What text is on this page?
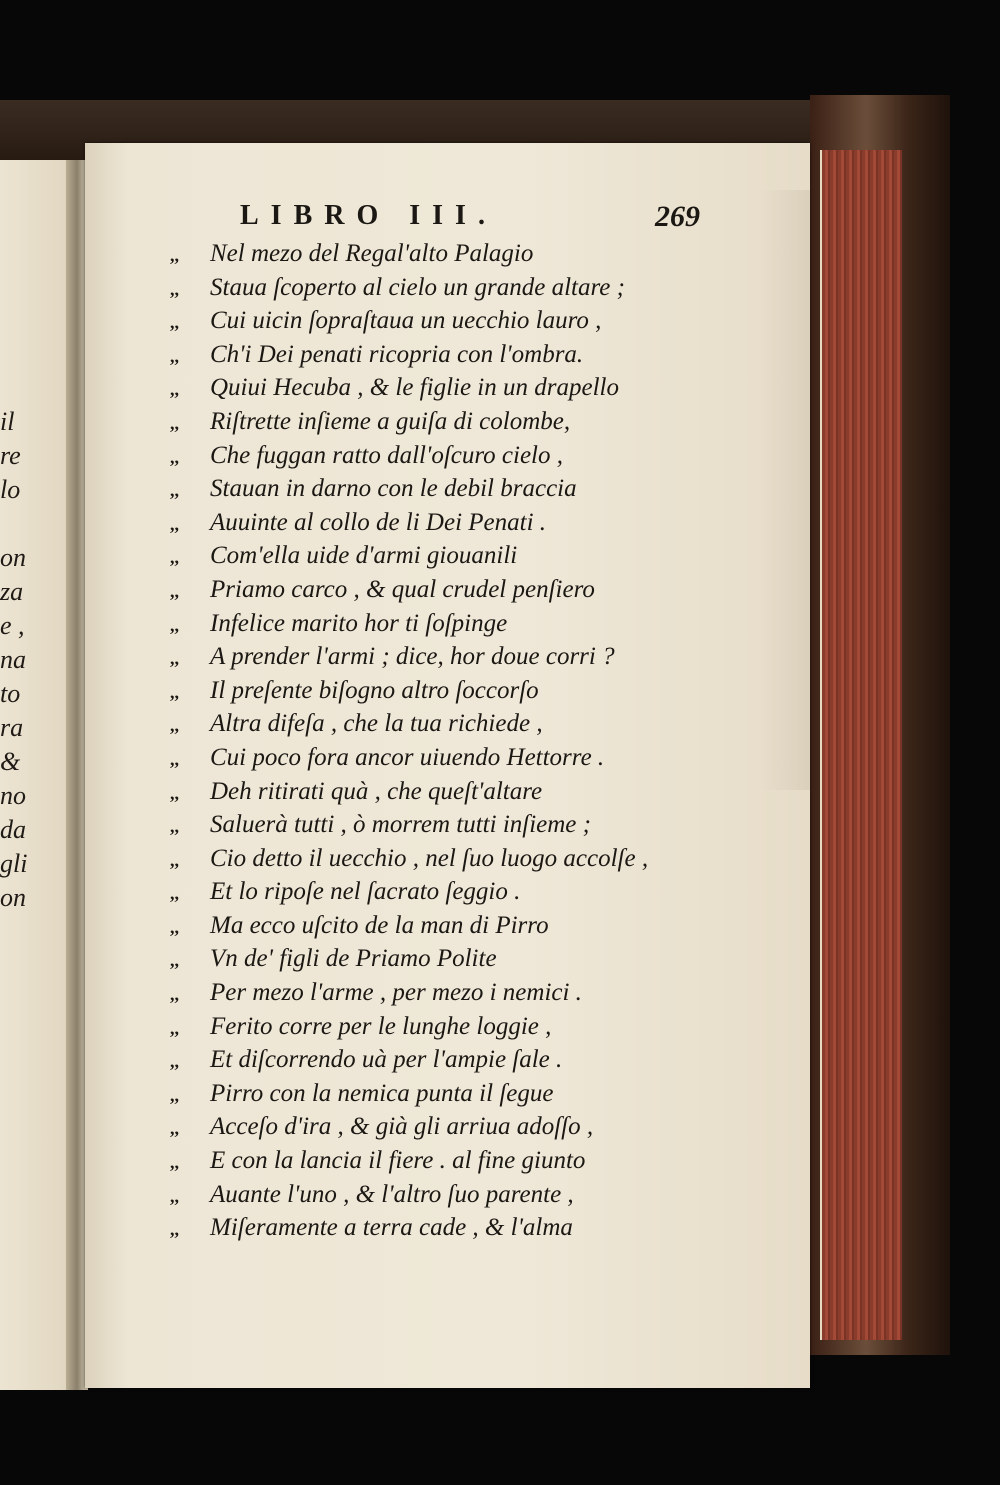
il
re
lo
on
za
e ,
na
to
ra
&
no
da
gli
on
LIBRO III.	269
,, Nel mezo del Regal'alto Palagio
,, Staua ſcoperto al cielo un grande altare ;
,, Cui uicin ſopraſtaua un uecchio lauro ,
,, Ch'i Dei penati ricopria con l'ombra.
,, Quiui Hecuba , & le figlie in un drapello
,, Riſtrette inſieme a guiſa di colombe,
,, Che fuggan ratto dall'oſcuro cielo ,
,, Stauan in darno con le debil braccia
,, Auuinte al collo de li Dei Penati .
,, Com'ella uide d'armi giouanili
,, Priamo carco , & qual crudel penſiero
,, Infelice marito hor ti ſoſpinge
,, A prender l'armi ; dice, hor doue corri ?
,, Il preſente biſogno altro ſoccorſo
,, Altra difeſa , che la tua richiede ,
,, Cui poco fora ancor uiuendo Hettorre .
,, Deh ritirati quà , che queſt'altare
,, Saluerà tutti , ò morrem tutti inſieme ;
,, Cio detto il uecchio , nel ſuo luogo accolſe ,
,, Et lo ripoſe nel ſacrato ſeggio .
,, Ma ecco uſcito de la man di Pirro
,, Vn de' figli de Priamo Polite
,, Per mezo l'arme , per mezo i nemici .
,, Ferito corre per le lunghe loggie ,
,, Et diſcorrendo uà per l'ampie ſale .
,, Pirro con la nemica punta il ſegue
,, Acceſo d'ira , & già gli arriua adoſſo ,
,, E con la lancia il fiere . al fine giunto
,, Auante l'uno , & l'altro ſuo parente ,
,, Miſeramente a terra cade , & l'alma
